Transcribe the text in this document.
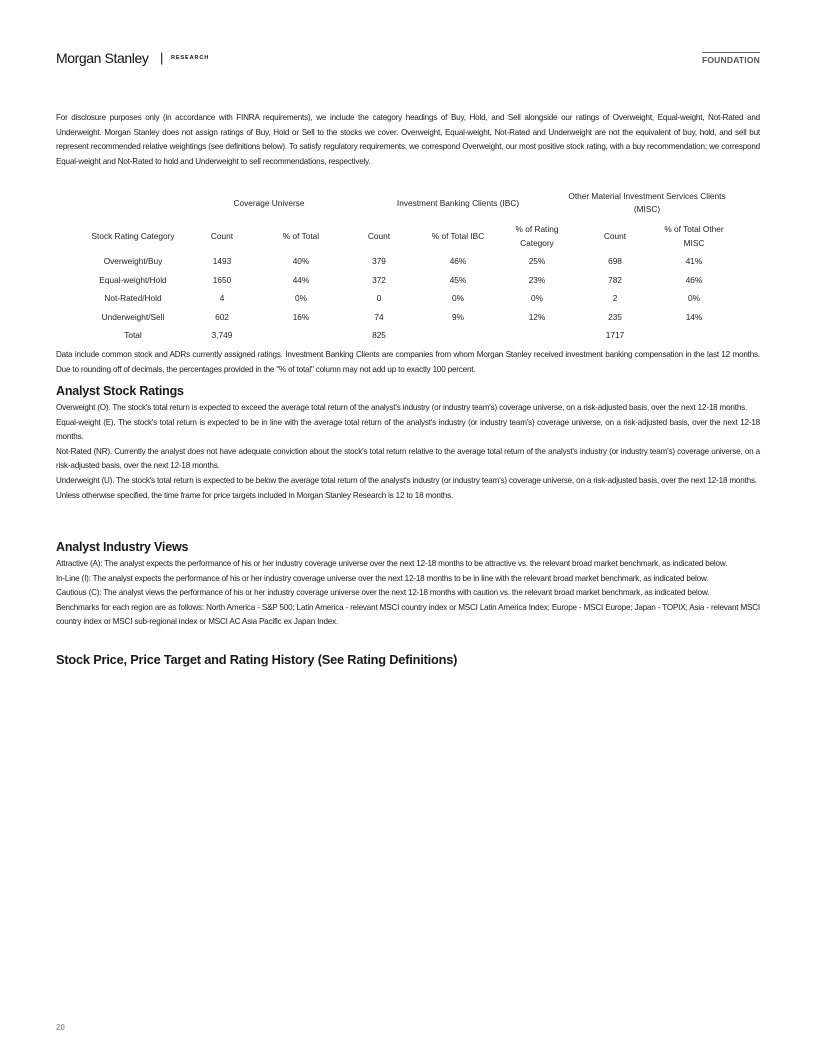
Morgan Stanley | RESEARCH	FOUNDATION

For disclosure purposes only (in accordance with FINRA requirements), we include the category headings of Buy, Hold, and Sell alongside our ratings of Overweight, Equal-weight, Not-Rated and Underweight. Morgan Stanley does not assign ratings of Buy, Hold or Sell to the stocks we cover. Overweight, Equal-weight, Not-Rated and Underweight are not the equivalent of buy, hold, and sell but represent recommended relative weightings (see definitions below). To satisfy regulatory requirements, we correspond Overweight, our most positive stock rating, with a buy recommendation; we correspond Equal-weight and Not-Rated to hold and Underweight to sell recommendations, respectively.

	Coverage Universe		Investment Banking Clients (IBC)			Other Material Investment Services Clients (MISC)	
Stock Rating Category	Count	% of Total	Count	% of Total IBC	% of Rating Category	Count	% of Total Other MISC
Overweight/Buy	1493	40%	379	46%	25%	698	41%
Equal-weight/Hold	1650	44%	372	45%	23%	782	46%
Not-Rated/Hold	4	0%	0	0%	0%	2	0%
Underweight/Sell	602	16%	74	9%	12%	235	14%
Total	3,749		825			1717	

Data include common stock and ADRs currently assigned ratings. Investment Banking Clients are companies from whom Morgan Stanley received investment banking compensation in the last 12 months. Due to rounding off of decimals, the percentages provided in the "% of total" column may not add up to exactly 100 percent.

Analyst Stock Ratings

Overweight (O). The stock's total return is expected to exceed the average total return of the analyst's industry (or industry team's) coverage universe, on a risk-adjusted basis, over the next 12-18 months.

Equal-weight (E). The stock's total return is expected to be in line with the average total return of the analyst's industry (or industry team's) coverage universe, on a risk-adjusted basis, over the next 12-18 months.

Not-Rated (NR). Currently the analyst does not have adequate conviction about the stock's total return relative to the average total return of the analyst's industry (or industry team's) coverage universe, on a risk-adjusted basis, over the next 12-18 months.

Underweight (U). The stock's total return is expected to be below the average total return of the analyst's industry (or industry team's) coverage universe, on a risk-adjusted basis, over the next 12-18 months.

Unless otherwise specified, the time frame for price targets included in Morgan Stanley Research is 12 to 18 months.

Analyst Industry Views

Attractive (A): The analyst expects the performance of his or her industry coverage universe over the next 12-18 months to be attractive vs. the relevant broad market benchmark, as indicated below.

In-Line (I): The analyst expects the performance of his or her industry coverage universe over the next 12-18 months to be in line with the relevant broad market benchmark, as indicated below.

Cautious (C): The analyst views the performance of his or her industry coverage universe over the next 12-18 months with caution vs. the relevant broad market benchmark, as indicated below.

Benchmarks for each region are as follows: North America - S&P 500; Latin America - relevant MSCI country index or MSCI Latin America Index; Europe - MSCI Europe; Japan - TOPIX; Asia - relevant MSCI country index or MSCI sub-regional index or MSCI AC Asia Pacific ex Japan Index.

Stock Price, Price Target and Rating History (See Rating Definitions)
20
